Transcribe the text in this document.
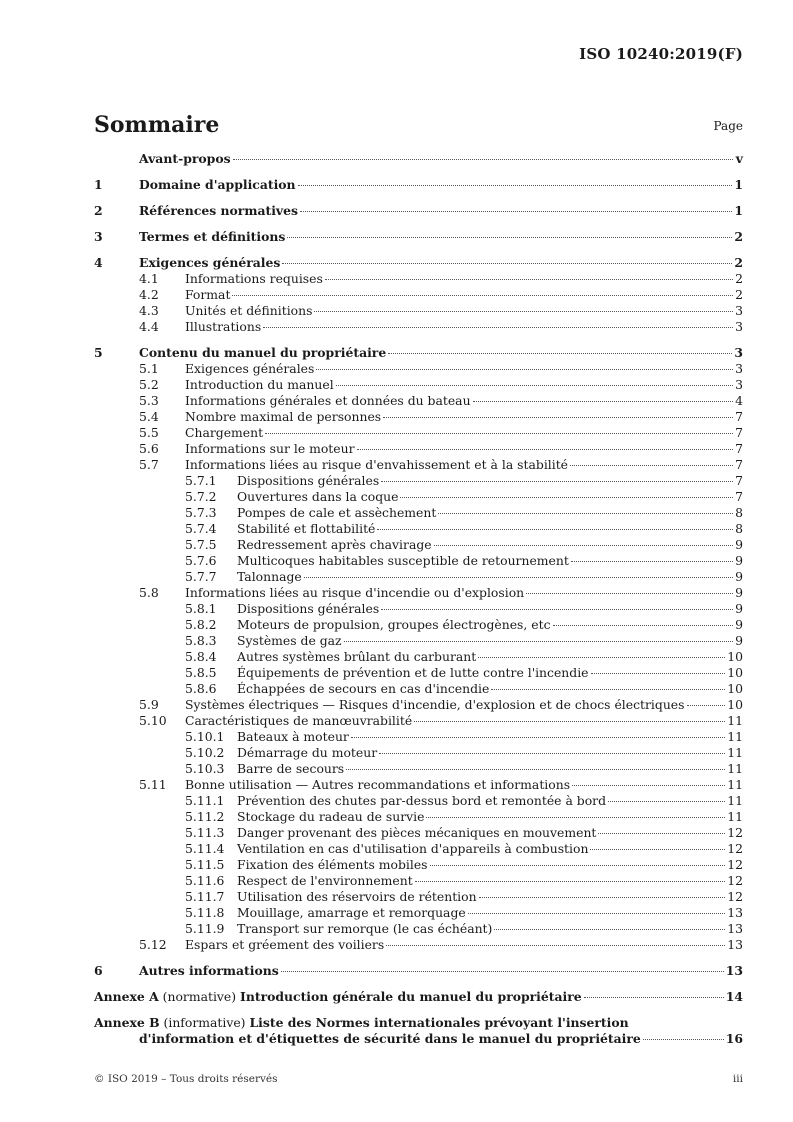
ISO 10240:2019(F)
Sommaire	Page
Avant-propos	v
1	Domaine d'application	1
2	Références normatives	1
3	Termes et définitions	2
4	Exigences générales	2
4.1	Informations requises	2
4.2	Format	2
4.3	Unités et définitions	3
4.4	Illustrations	3
5	Contenu du manuel du propriétaire	3
5.1	Exigences générales	3
5.2	Introduction du manuel	3
5.3	Informations générales et données du bateau	4
5.4	Nombre maximal de personnes	7
5.5	Chargement	7
5.6	Informations sur le moteur	7
5.7	Informations liées au risque d'envahissement et à la stabilité	7
5.7.1	Dispositions générales	7
5.7.2	Ouvertures dans la coque	7
5.7.3	Pompes de cale et assèchement	8
5.7.4	Stabilité et flottabilité	8
5.7.5	Redressement après chavirage	9
5.7.6	Multicoques habitables susceptible de retournement	9
5.7.7	Talonnage	9
5.8	Informations liées au risque d'incendie ou d'explosion	9
5.8.1	Dispositions générales	9
5.8.2	Moteurs de propulsion, groupes électrogènes, etc	9
5.8.3	Systèmes de gaz	9
5.8.4	Autres systèmes brûlant du carburant	10
5.8.5	Équipements de prévention et de lutte contre l'incendie	10
5.8.6	Échappées de secours en cas d'incendie	10
5.9	Systèmes électriques — Risques d'incendie, d'explosion et de chocs électriques	10
5.10	Caractéristiques de manœuvrabilité	11
5.10.1	Bateaux à moteur	11
5.10.2	Démarrage du moteur	11
5.10.3	Barre de secours	11
5.11	Bonne utilisation — Autres recommandations et informations	11
5.11.1	Prévention des chutes par-dessus bord et remontée à bord	11
5.11.2	Stockage du radeau de survie	11
5.11.3	Danger provenant des pièces mécaniques en mouvement	12
5.11.4	Ventilation en cas d'utilisation d'appareils à combustion	12
5.11.5	Fixation des éléments mobiles	12
5.11.6	Respect de l'environnement	12
5.11.7	Utilisation des réservoirs de rétention	12
5.11.8	Mouillage, amarrage et remorquage	13
5.11.9	Transport sur remorque (le cas échéant)	13
5.12	Espars et gréement des voiliers	13
6	Autres informations	13
Annexe A (normative) Introduction générale du manuel du propriétaire	14
Annexe B (informative) Liste des Normes internationales prévoyant l'insertion
d'information et d'étiquettes de sécurité dans le manuel du propriétaire	16
© ISO 2019 – Tous droits réservés	iii
